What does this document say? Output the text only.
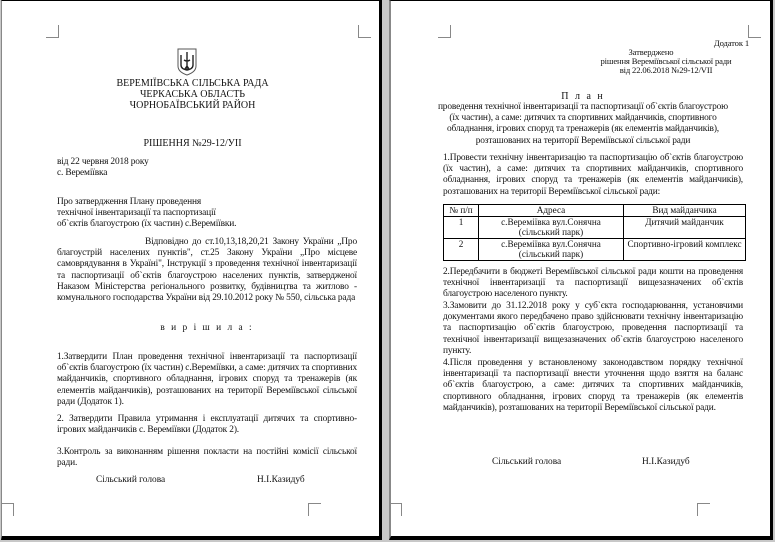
ВЕРЕМІЇВСЬКА СІЛЬСЬКА РАДА
ЧЕРКАСЬКА ОБЛАСТЬ
ЧОРНОБАЇВСЬКИЙ РАЙОН
РІШЕННЯ №29-12/УІІ
від 22 червня 2018 року
с. Веремiївка
Про затвердження Плану проведення
технічної інвентаризації та паспортизації
об`єктів благоустрою (їх частин) с.Веремiївки.
Відповідно до ст.10,13,18,20,21 Закону України „Про благоустрій населених пунктів", ст.25 Закону України „Про місцеве самоврядування в Україні", Інструкції з проведення технічної інвентаризації та паспортизації об`єктів благоустрою населених пунктів, затвердженої Наказом Міністерства регіонального розвитку, будівництва та житлово - комунального господарства України від 29.10.2012 року № 550, сільська рада
в и р і ш и л а :
1.Затвердити План проведення технічної інвентаризації та паспортизації об`єктів благоустрою (їх частин) с.Веремiївки, а саме: дитячих та спортивних майданчиків, спортивного обладнання, ігрових споруд та тренажерів (як елементів майданчиків), розташованих на території Веремiївської сільської ради (Додаток 1).
2. Затвердити Правила утримання і експлуатації дитячих та спортивно-ігрових майданчиків с. Веремiївки (Додаток 2).
3.Контроль за виконанням рішення покласти на постійні комісії сільської ради.
Сільський голова	Н.І.Казидуб
Додаток 1
Затверджено
рішення Веремiївської сільської ради
від 22.06.2018 №29-12/VІІ
П л а н
проведення технічної інвентаризації та паспортизації об`єктів благоустрою (їх частин), а саме: дитячих та спортивних майданчиків, спортивного обладнання, ігрових споруд та тренажерів (як елементів майданчиків), розташованих на території Веремiївської сільської ради
1.Провести технічну інвентаризацію та паспортизацію об`єктів благоустрою (їх частин), а саме: дитячих та спортивних майданчиків, спортивного обладнання, ігрових споруд та тренажерів (як елементів майданчиків), розташованих на території Веремiївської сільської ради:
№ п/п	Адреса	Вид майданчика
1	с.Веремiївка вул.Сонячна (сільський парк)	Дитячий майданчик
2	с.Веремiївка вул.Сонячна (сільський парк)	Спортивно-ігровий комплекс
2.Передбачити в бюджеті Веремiївської сільської ради кошти на проведення технічної інвентаризації та паспортизації вищезазначених об`єктів благоустрою населеного пункту.
3.Замовити до 31.12.2018 року у суб`єкта господарювання, установчими документами якого передбачено право здійснювати технічну інвентаризацію та паспортизацію об`єктів благоустрою, проведення паспортизації та технічної інвентаризації вищезазначених об`єктів благоустрою населеного пункту.
4.Після проведення у встановленому законодавством порядку технічної інвентаризації та паспортизації внести уточнення щодо взяття на баланс об`єктів благоустрою, а саме: дитячих та спортивних майданчиків, спортивного обладнання, ігрових споруд та тренажерів (як елементів майданчиків), розташованих на території Веремiївської сільської ради.
Сільський голова	Н.І.Казидуб
